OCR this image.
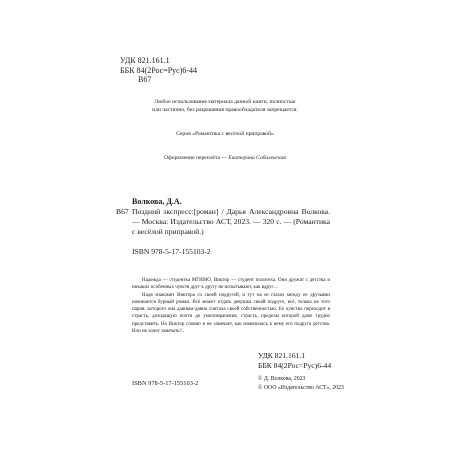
УДК 821.161.1
ББК 84(2Рос=Рус)6-44
В67
Любое использование материала данной книги, полностью
или частично, без разрешения правообладателя запрещается.
Серия «Романтика с весёлой приправой»
Оформление переплёта — Екатерина Соболевская
Волкова, Д.А.
В67 Поздний экспресс:[роман] / Дарья Александровна Волкова. — Москва: Издательство АСТ, 2023. — 320 с. — (Романтика с весёлой приправой.)
ISBN 978-5-17-155103-2

Надежда — студентка МГИМО, Виктор — студент политеха. Они дружат с детства и никаких особенных чувств друг к другу не испытывают, как вдруг…

Надя знакомит Виктора со своей подругой, и тут на ее глазах между ее друзьями начинается бурный роман. Всё может отдать девушка своей подруге, всё, только не того парня, которого она давным-давно считала своей собственностью. Ее чувство переходит в страсть, доходящую почти до умопомрачения, страсть, пределы которой даже трудно представить. Но Виктор словно и не замечает, как изменилась к нему его подруга детства. Или не хочет замечать?..

УДК 821.161.1
ББК 84(2Рос=Рус)6-44
ISBN 978-5-17-155103-2
© Д. Волкова, 2023
© ООО «Издательство АСТ», 2023
